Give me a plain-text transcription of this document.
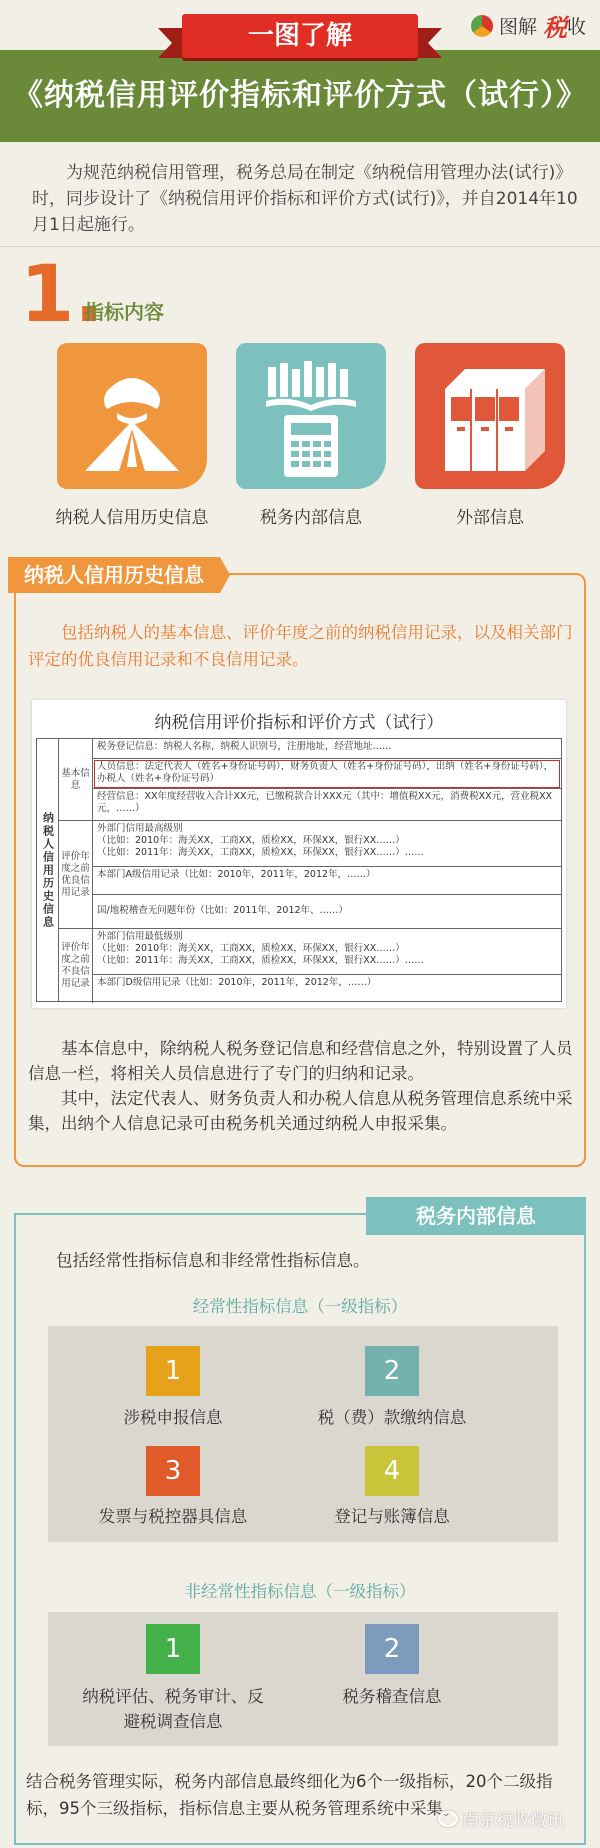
图解 税 收
《纳税信用评价指标和评价方式（试行）》
一图了解

为规范纳税信用管理，税务总局在制定《纳税信用管理办法(试行)》时，同步设计了《纳税信用评价指标和评价方式(试行)》，并自2014年10月1日起施行。

1.
指标内容
纳税人信用历史信息	税务内部信息	外部信息
纳税人信用历史信息

包括纳税人的基本信息、评价年度之前的纳税信用记录，以及相关部门评定的优良信用记录和不良信用记录。

纳税信用评价指标和评价方式（试行）
纳税人信用历史信息
基本信息
评价年度之前优良信用记录
评价年度之前不良信用记录
税务登记信息：纳税人名称，纳税人识别号，注册地址，经营地址……
人员信息：法定代表人（姓名+身份证号码），财务负责人（姓名+身份证号码），出纳（姓名+身份证号码），办税人（姓名+身份证号码）
经营信息：XX年度经营收入合计XX元，已缴税款合计XXX元（其中：增值税XX元，消费税XX元，营业税XX元，……）
外部门信用最高级别
（比如：2010年：海关XX，工商XX，质检XX，环保XX，银行XX……）
（比如：2011年：海关XX，工商XX，质检XX，环保XX，银行XX……）……
本部门A级信用记录（比如：2010年，2011年，2012年，……）
国/地税稽查无问题年份（比如：2011年、2012年、……）
外部门信用最低级别
（比如：2010年：海关XX，工商XX，质检XX，环保XX，银行XX……）
（比如：2011年：海关XX，工商XX，质检XX，环保XX，银行XX……）……
本部门D级信用记录（比如：2010年，2011年，2012年，……）

基本信息中，除纳税人税务登记信息和经营信息之外，特别设置了人员信息一栏，将相关人员信息进行了专门的归纳和记录。

其中，法定代表人、财务负责人和办税人信息从税务管理信息系统中采集，出纳个人信息记录可由税务机关通过纳税人申报采集。

税务内部信息
包括经常性指标信息和非经常性指标信息。
经常性指标信息（一级指标）
1
涉税申报信息
2
税（费）款缴纳信息
3
发票与税控器具信息
4
登记与账簿信息
非经常性指标信息（一级指标）
1
纳税评估、税务审计、反避税调查信息
2
税务稽查信息

结合税务管理实际，税务内部信息最终细化为6个一级指标，20个二级指标，95个三级指标，指标信息主要从税务管理系统中采集。

南京税收微讯
